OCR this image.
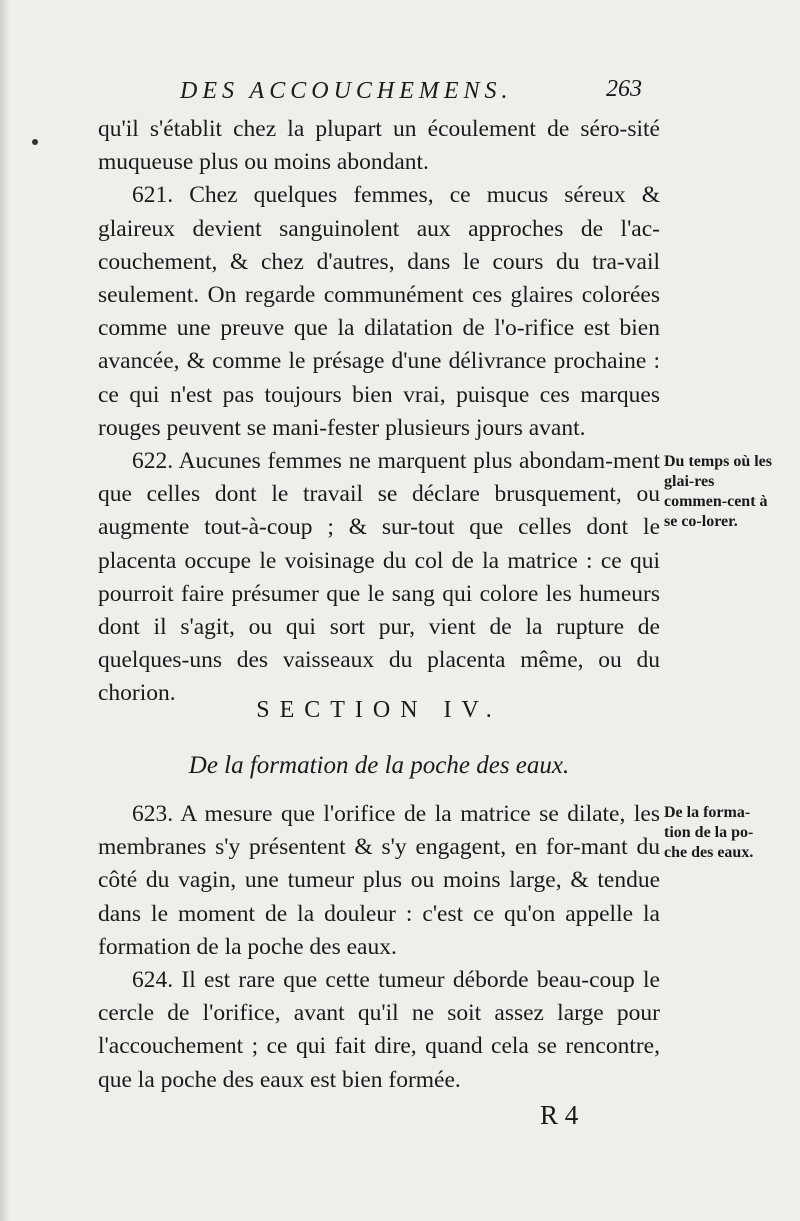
DES ACCOUCHEMENS.	263

qu'il s'établit chez la plupart un écoulement de séro-sité muqueuse plus ou moins abondant.

621. Chez quelques femmes, ce mucus séreux & glaireux devient sanguinolent aux approches de l'ac-couchement, & chez d'autres, dans le cours du tra-vail seulement. On regarde communément ces glaires colorées comme une preuve que la dilatation de l'o-rifice est bien avancée, & comme le présage d'une délivrance prochaine : ce qui n'est pas toujours bien vrai, puisque ces marques rouges peuvent se mani-fester plusieurs jours avant.

622. Aucunes femmes ne marquent plus abondam-ment que celles dont le travail se déclare brusquement, ou augmente tout-à-coup ; & sur-tout que celles dont le placenta occupe le voisinage du col de la matrice : ce qui pourroit faire présumer que le sang qui colore les humeurs dont il s'agit, ou qui sort pur, vient de la rupture de quelques-uns des vaisseaux du placenta même, ou du chorion.

Du temps où les glai-res commen-cent à se co-lorer.
SECTION IV.
De la formation de la poche des eaux.

623. A mesure que l'orifice de la matrice se dilate, les membranes s'y présentent & s'y engagent, en for-mant du côté du vagin, une tumeur plus ou moins large, & tendue dans le moment de la douleur : c'est ce qu'on appelle la formation de la poche des eaux.

624. Il est rare que cette tumeur déborde beau-coup le cercle de l'orifice, avant qu'il ne soit assez large pour l'accouchement ; ce qui fait dire, quand cela se rencontre, que la poche des eaux est bien formée.

De la forma-tion de la po-che des eaux.
R 4
